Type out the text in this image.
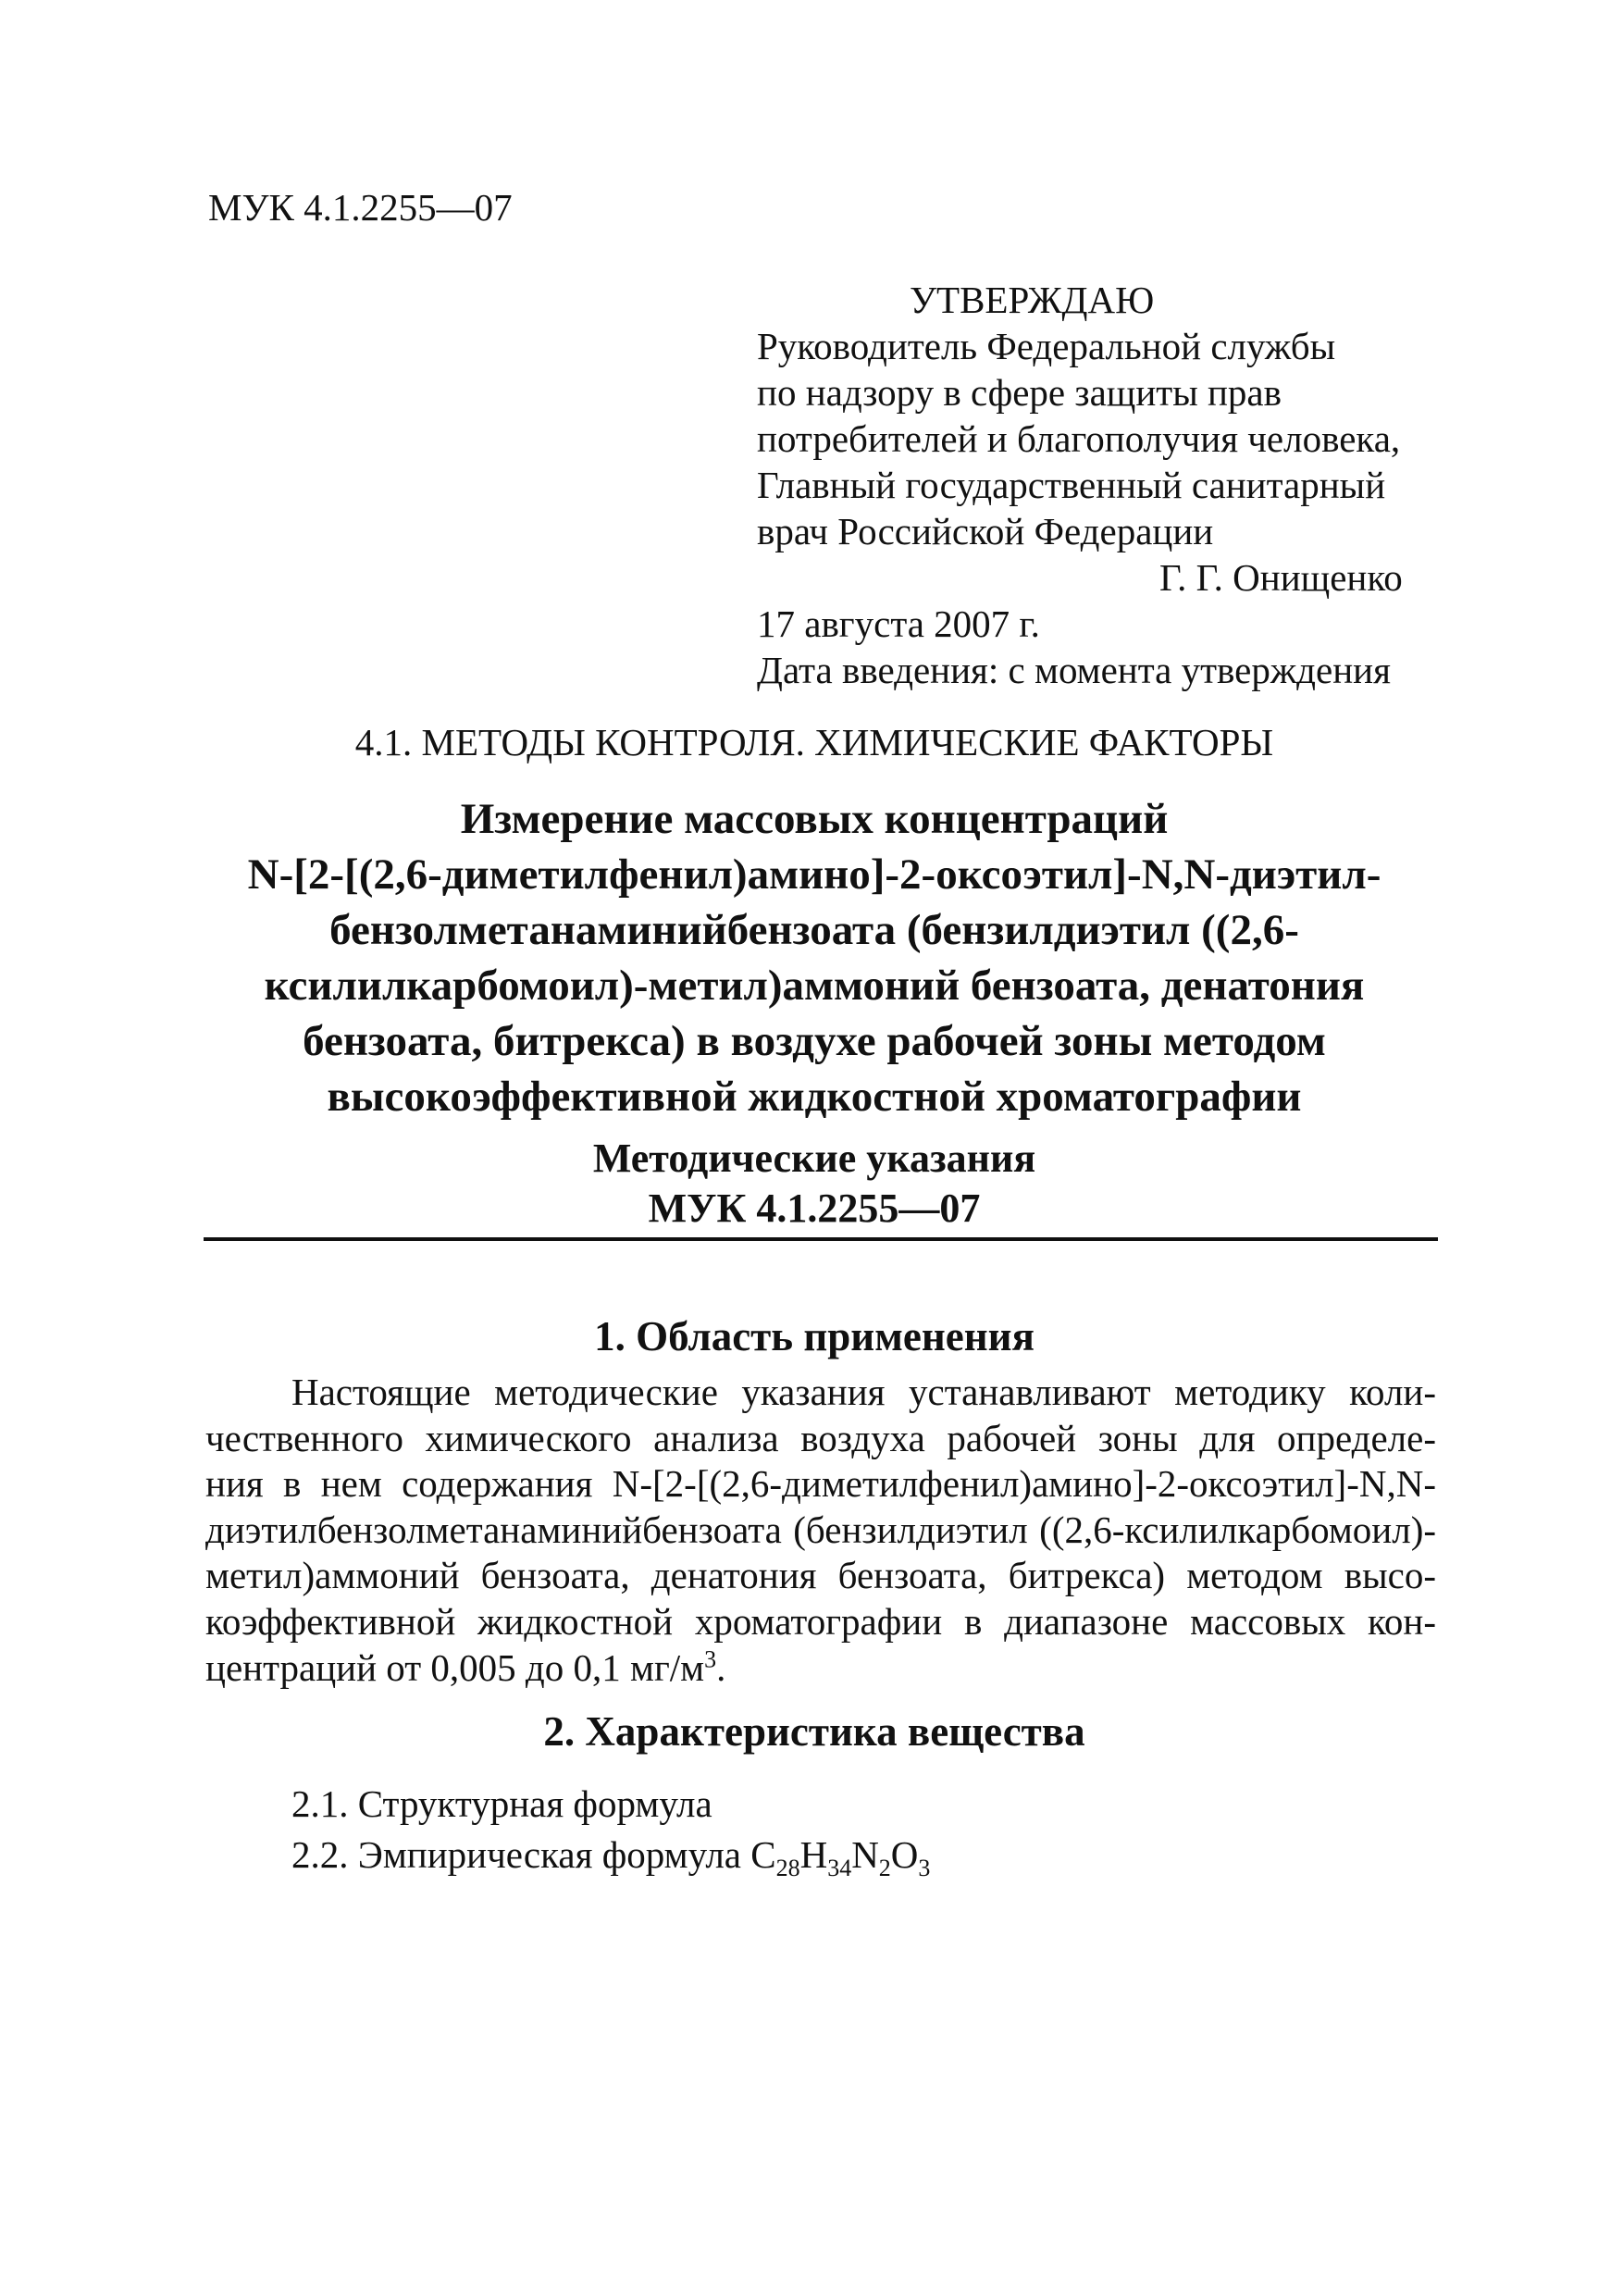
МУК 4.1.2255—07
УТВЕРЖДАЮ
Руководитель Федеральной службы
по надзору в сфере защиты прав
потребителей и благополучия человека,
Главный государственный санитарный
врач Российской Федерации
Г. Г. Онищенко
17 августа 2007 г.
Дата введения: с момента утверждения
4.1. МЕТОДЫ КОНТРОЛЯ. ХИМИЧЕСКИЕ ФАКТОРЫ
Измерение массовых концентраций
N-[2-[(2,6-диметилфенил)амино]-2-оксоэтил]-N,N-диэтил-
бензолметанаминийбензоата (бензилдиэтил ((2,6-
ксилилкарбомоил)-метил)аммоний бензоата, денатония
бензоата, битрекса) в воздухе рабочей зоны методом
высокоэффективной жидкостной хроматографии
Методические указания
МУК 4.1.2255—07
1. Область применения
Настоящие методические указания устанавливают методику коли-
чественного химического анализа воздуха рабочей зоны для определе-
ния в нем содержания N-[2-[(2,6-диметилфенил)амино]-2-оксоэтил]-N,N-
диэтилбензолметанаминийбензоата (бензилдиэтил ((2,6-ксилилкарбомоил)-
метил)аммоний бензоата, денатония бензоата, битрекса) методом высо-
коэффективной жидкостной хроматографии в диапазоне массовых кон-
центраций от 0,005 до 0,1 $мг/м^3$.
2. Характеристика вещества
2.1. Структурная формула
2.2. Эмпирическая формула $C_{28}H_{34}N_2O_3$
